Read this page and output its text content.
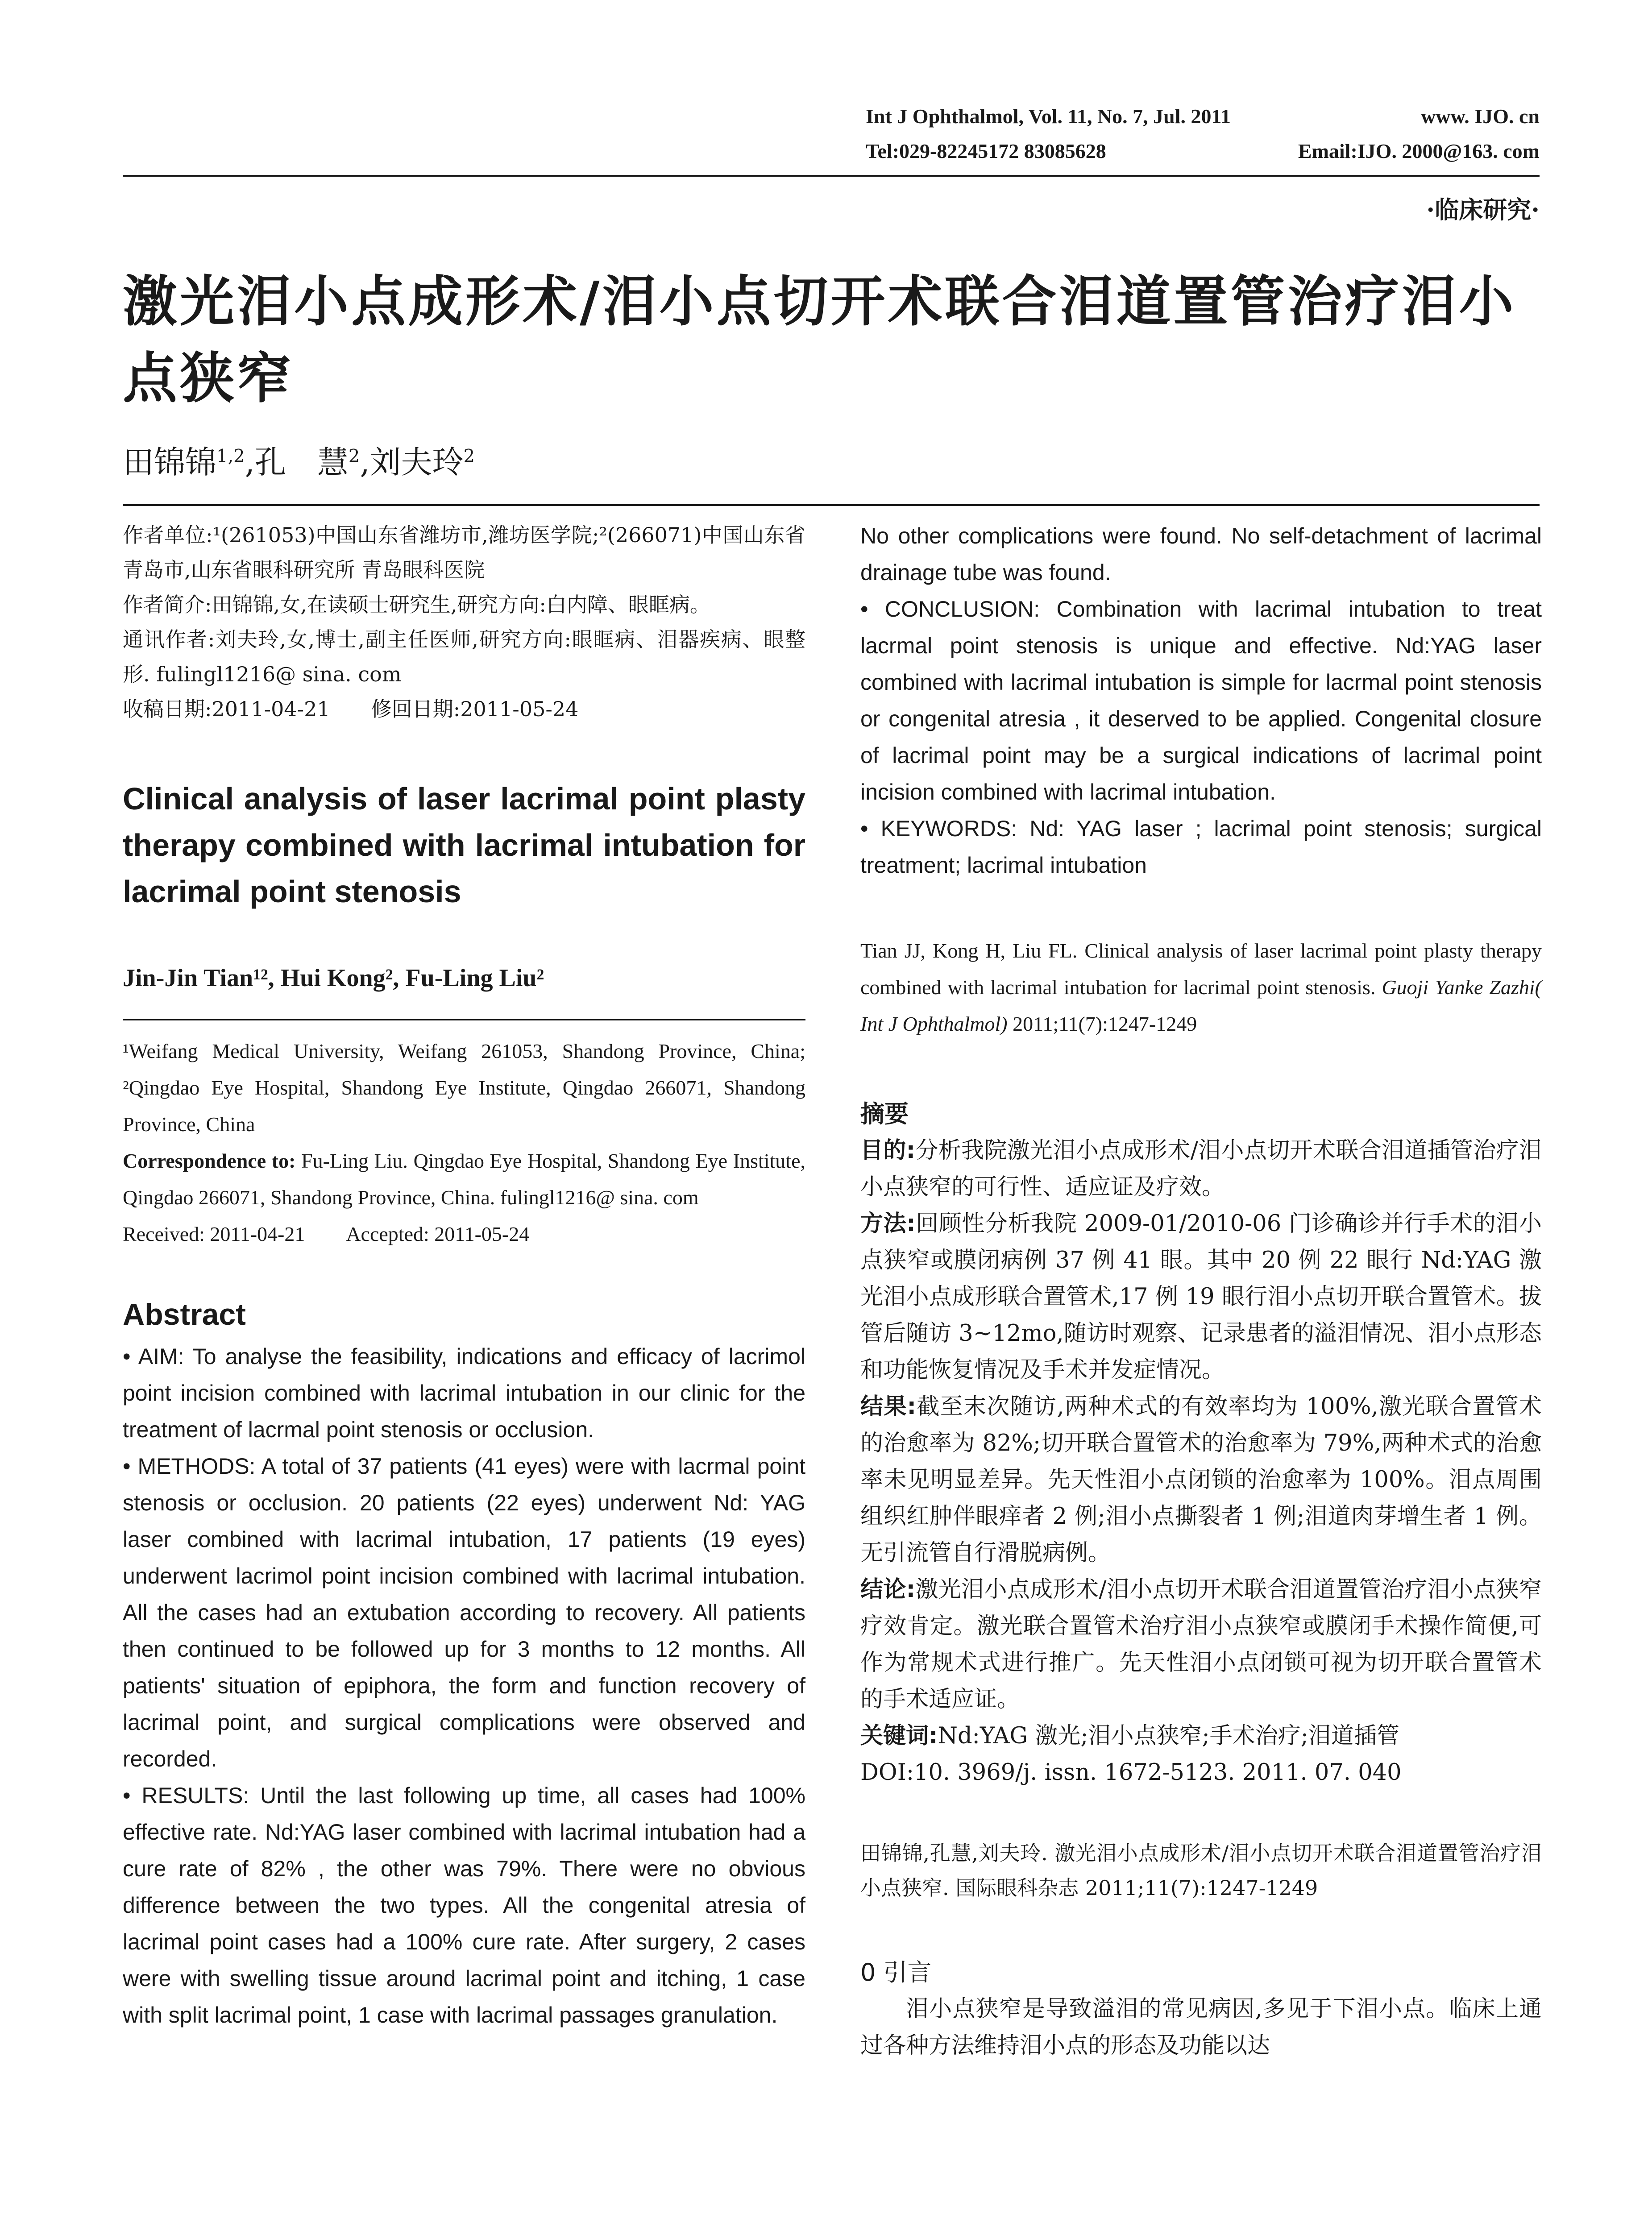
Int J Ophthalmol, Vol. 11, No. 7, Jul. 2011	www. IJO. cn
Tel:029-82245172 83085628	Email:IJO. 2000@163. com
·临床研究·
激光泪小点成形术/泪小点切开术联合泪道置管治疗泪小点狭窄
田锦锦$^{1,2}$,孔　慧$^2$,刘夫玲$^2$

作者单位:¹(261053)中国山东省潍坊市,潍坊医学院;²(266071)中国山东省青岛市,山东省眼科研究所 青岛眼科医院

作者简介:田锦锦,女,在读硕士研究生,研究方向:白内障、眼眶病。

通讯作者:刘夫玲,女,博士,副主任医师,研究方向:眼眶病、泪器疾病、眼整形. fulingl1216@ sina. com

收稿日期:2011-04-21　　修回日期:2011-05-24

Clinical analysis of laser lacrimal point plasty therapy combined with lacrimal intubation for lacrimal point stenosis

Jin-Jin Tian¹², Hui Kong², Fu-Ling Liu²

¹Weifang Medical University, Weifang 261053, Shandong Province, China; ²Qingdao Eye Hospital, Shandong Eye Institute, Qingdao 266071, Shandong Province, China

Correspondence to: Fu-Ling Liu. Qingdao Eye Hospital, Shandong Eye Institute, Qingdao 266071, Shandong Province, China. fulingl1216@ sina. com

Received: 2011-04-21　　Accepted: 2011-05-24

Abstract

• AIM: To analyse the feasibility, indications and efficacy of lacrimol point incision combined with lacrimal intubation in our clinic for the treatment of lacrmal point stenosis or occlusion.

• METHODS: A total of 37 patients (41 eyes) were with lacrmal point stenosis or occlusion. 20 patients (22 eyes) underwent Nd: YAG laser combined with lacrimal intubation, 17 patients (19 eyes) underwent lacrimol point incision combined with lacrimal intubation. All the cases had an extubation according to recovery. All patients then continued to be followed up for 3 months to 12 months. All patients' situation of epiphora, the form and function recovery of lacrimal point, and surgical complications were observed and recorded.

• RESULTS: Until the last following up time, all cases had 100% effective rate. Nd:YAG laser combined with lacrimal intubation had a cure rate of 82% , the other was 79%. There were no obvious difference between the two types. All the congenital atresia of lacrimal point cases had a 100% cure rate. After surgery, 2 cases were with swelling tissue around lacrimal point and itching, 1 case with split lacrimal point, 1 case with lacrimal passages granulation.

No other complications were found. No self-detachment of lacrimal drainage tube was found.

• CONCLUSION: Combination with lacrimal intubation to treat lacrmal point stenosis is unique and effective. Nd:YAG laser combined with lacrimal intubation is simple for lacrmal point stenosis or congenital atresia , it deserved to be applied. Congenital closure of lacrimal point may be a surgical indications of lacrimal point incision combined with lacrimal intubation.

• KEYWORDS: Nd: YAG laser ; lacrimal point stenosis; surgical treatment; lacrimal intubation

Tian JJ, Kong H, Liu FL. Clinical analysis of laser lacrimal point plasty therapy combined with lacrimal intubation for lacrimal point stenosis. Guoji Yanke Zazhi( Int J Ophthalmol) 2011;11(7):1247-1249

摘要

目的:分析我院激光泪小点成形术/泪小点切开术联合泪道插管治疗泪小点狭窄的可行性、适应证及疗效。

方法:回顾性分析我院 2009-01/2010-06 门诊确诊并行手术的泪小点狭窄或膜闭病例 37 例 41 眼。其中 20 例 22 眼行 Nd:YAG 激光泪小点成形联合置管术,17 例 19 眼行泪小点切开联合置管术。拔管后随访 3~12mo,随访时观察、记录患者的溢泪情况、泪小点形态和功能恢复情况及手术并发症情况。

结果:截至末次随访,两种术式的有效率均为 100%,激光联合置管术的治愈率为 82%;切开联合置管术的治愈率为 79%,两种术式的治愈率未见明显差异。先天性泪小点闭锁的治愈率为 100%。泪点周围组织红肿伴眼痒者 2 例;泪小点撕裂者 1 例;泪道肉芽增生者 1 例。无引流管自行滑脱病例。

结论:激光泪小点成形术/泪小点切开术联合泪道置管治疗泪小点狭窄疗效肯定。激光联合置管术治疗泪小点狭窄或膜闭手术操作简便,可作为常规术式进行推广。先天性泪小点闭锁可视为切开联合置管术的手术适应证。

关键词:Nd:YAG 激光;泪小点狭窄;手术治疗;泪道插管

DOI:10. 3969/j. issn. 1672-5123. 2011. 07. 040

田锦锦,孔慧,刘夫玲. 激光泪小点成形术/泪小点切开术联合泪道置管治疗泪小点狭窄. 国际眼科杂志 2011;11(7):1247-1249

0 引言

泪小点狭窄是导致溢泪的常见病因,多见于下泪小点。临床上通过各种方法维持泪小点的形态及功能以达
